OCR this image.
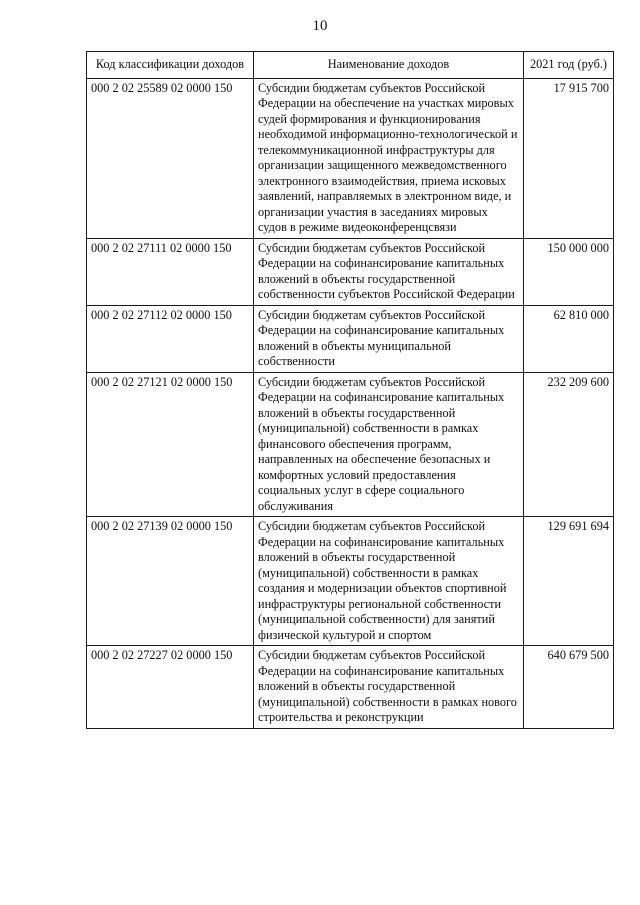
10
Код классификации доходов	Наименование доходов	2021 год (руб.)
000 2 02 25589 02 0000 150	Субсидии бюджетам субъектов Российской Федерации на обеспечение на участках мировых судей формирования и функционирования необходимой информационно-технологической и телекоммуникационной инфраструктуры для организации защищенного межведомственного электронного взаимодействия, приема исковых заявлений, направляемых в электронном виде, и организации участия в заседаниях мировых судов в режиме видеоконференцсвязи	17 915 700
000 2 02 27111 02 0000 150	Субсидии бюджетам субъектов Российской Федерации на софинансирование капитальных вложений в объекты государственной собственности субъектов Российской Федерации	150 000 000
000 2 02 27112 02 0000 150	Субсидии бюджетам субъектов Российской Федерации на софинансирование капитальных вложений в объекты муниципальной собственности	62 810 000
000 2 02 27121 02 0000 150	Субсидии бюджетам субъектов Российской Федерации на софинансирование капитальных вложений в объекты государственной (муниципальной) собственности в рамках финансового обеспечения программ, направленных на обеспечение безопасных и комфортных условий предоставления социальных услуг в сфере социального обслуживания	232 209 600
000 2 02 27139 02 0000 150	Субсидии бюджетам субъектов Российской Федерации на софинансирование капитальных вложений в объекты государственной (муниципальной) собственности в рамках создания и модернизации объектов спортивной инфраструктуры региональной собственности (муниципальной собственности) для занятий физической культурой и спортом	129 691 694
000 2 02 27227 02 0000 150	Субсидии бюджетам субъектов Российской Федерации на софинансирование капитальных вложений в объекты государственной (муниципальной) собственности в рамках нового строительства и реконструкции	640 679 500
